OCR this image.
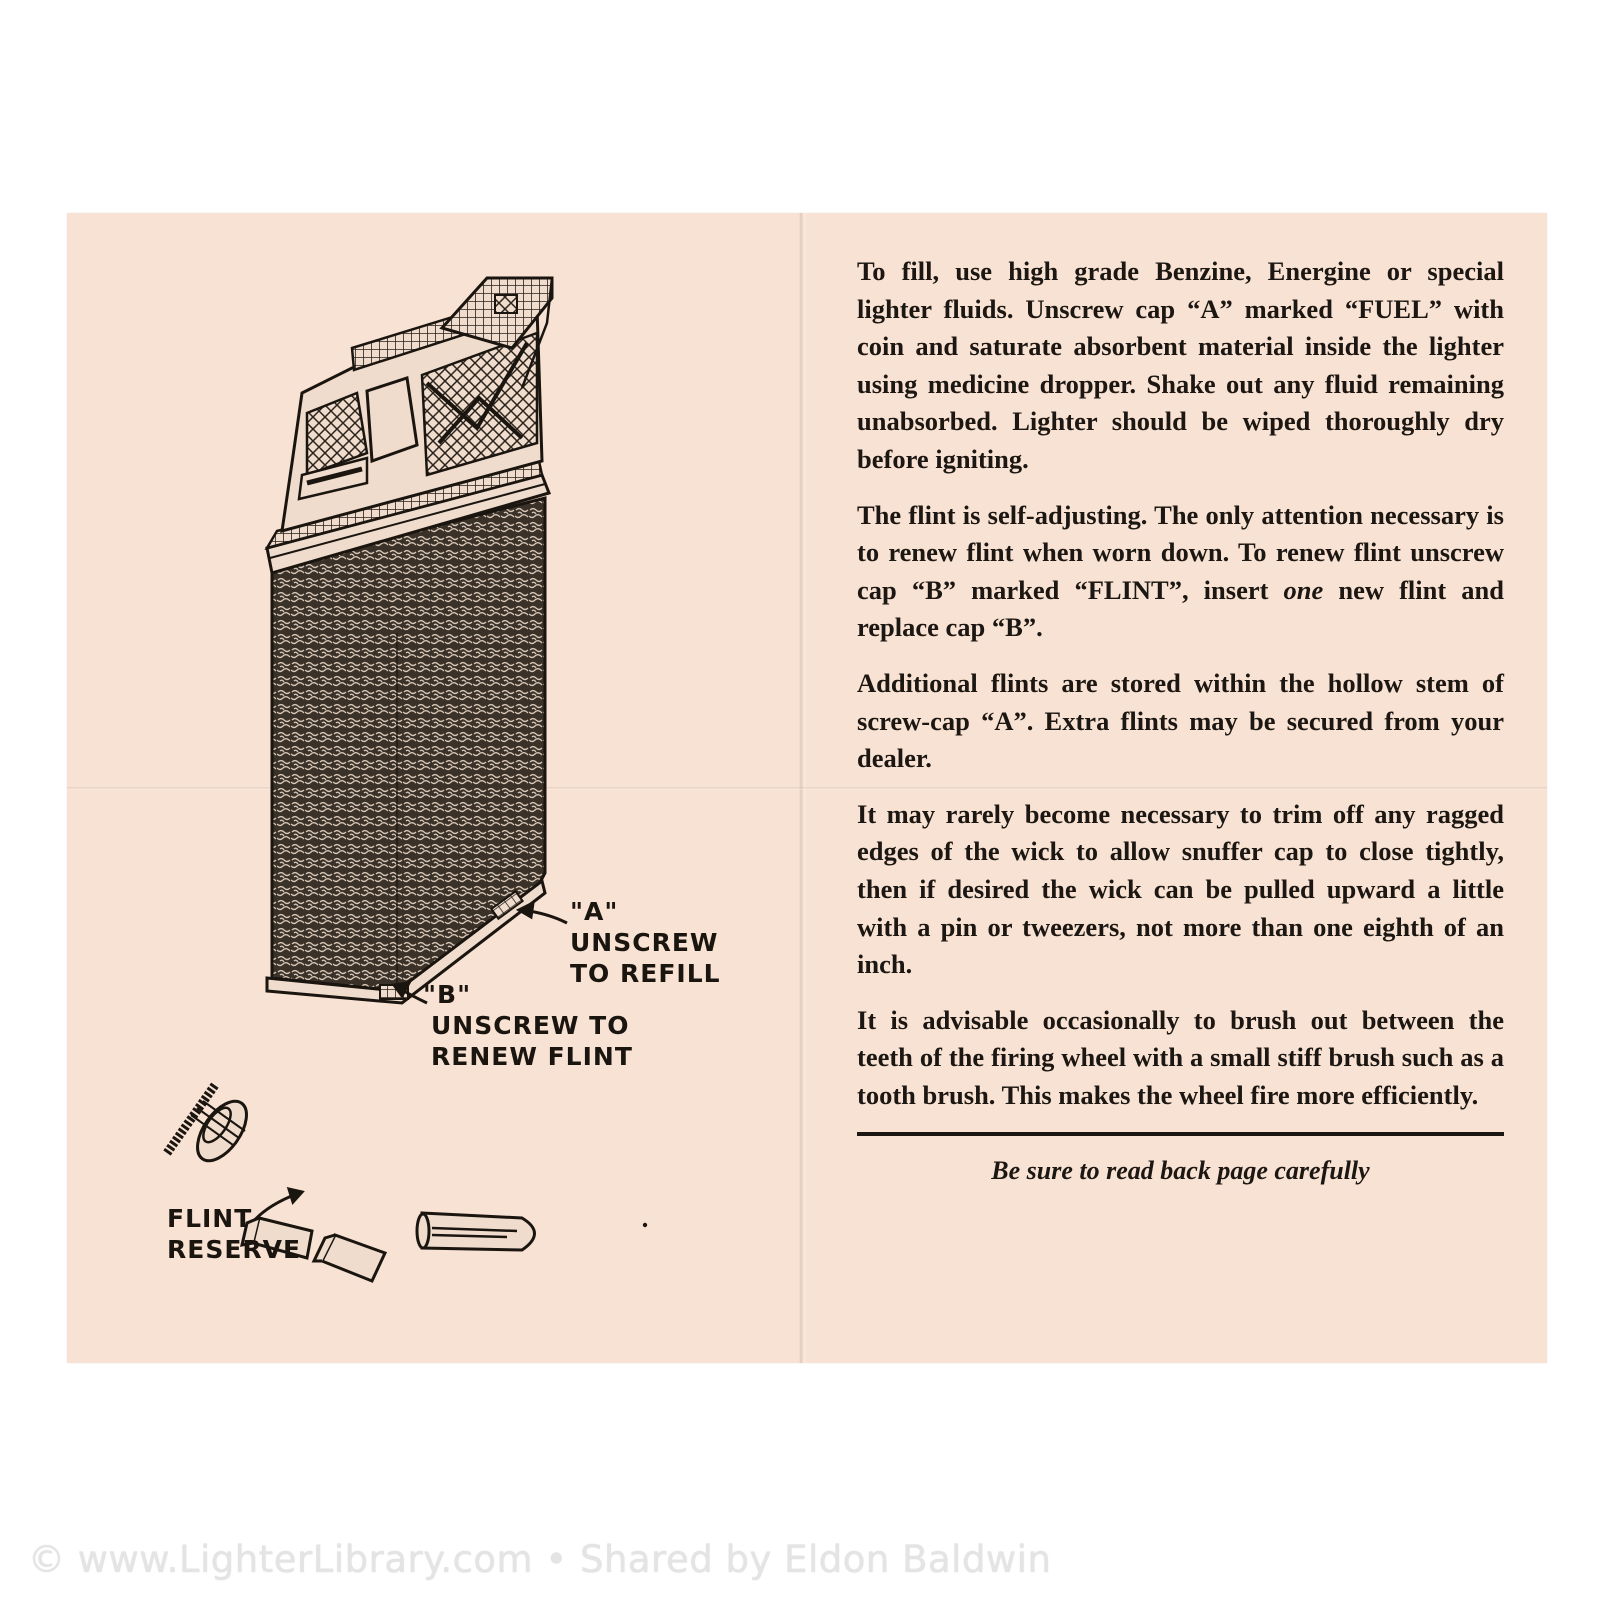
"A"
UNSCREW
TO REFILL
"B"
UNSCREW TO
RENEW FLINT
FLINT
RESERVE

To fill, use high grade Benzine, Energine or special lighter fluids. Unscrew cap “A” marked “FUEL” with coin and saturate absorbent material inside the lighter using medicine dropper. Shake out any fluid remaining unabsorbed. Lighter should be wiped thoroughly dry before igniting.

The flint is self-adjusting. The only attention necessary is to renew flint when worn down. To renew flint unscrew cap “B” marked “FLINT”, insert one new flint and replace cap “B”.

Additional flints are stored within the hollow stem of screw-cap “A”. Extra flints may be secured from your dealer.

It may rarely become necessary to trim off any ragged edges of the wick to allow snuffer cap to close tightly, then if desired the wick can be pulled upward a little with a pin or tweezers, not more than one eighth of an inch.

It is advisable occasionally to brush out between the teeth of the firing wheel with a small stiff brush such as a tooth brush. This makes the wheel fire more efficiently.

Be sure to read back page carefully
© www.LighterLibrary.com • Shared by Eldon Baldwin
